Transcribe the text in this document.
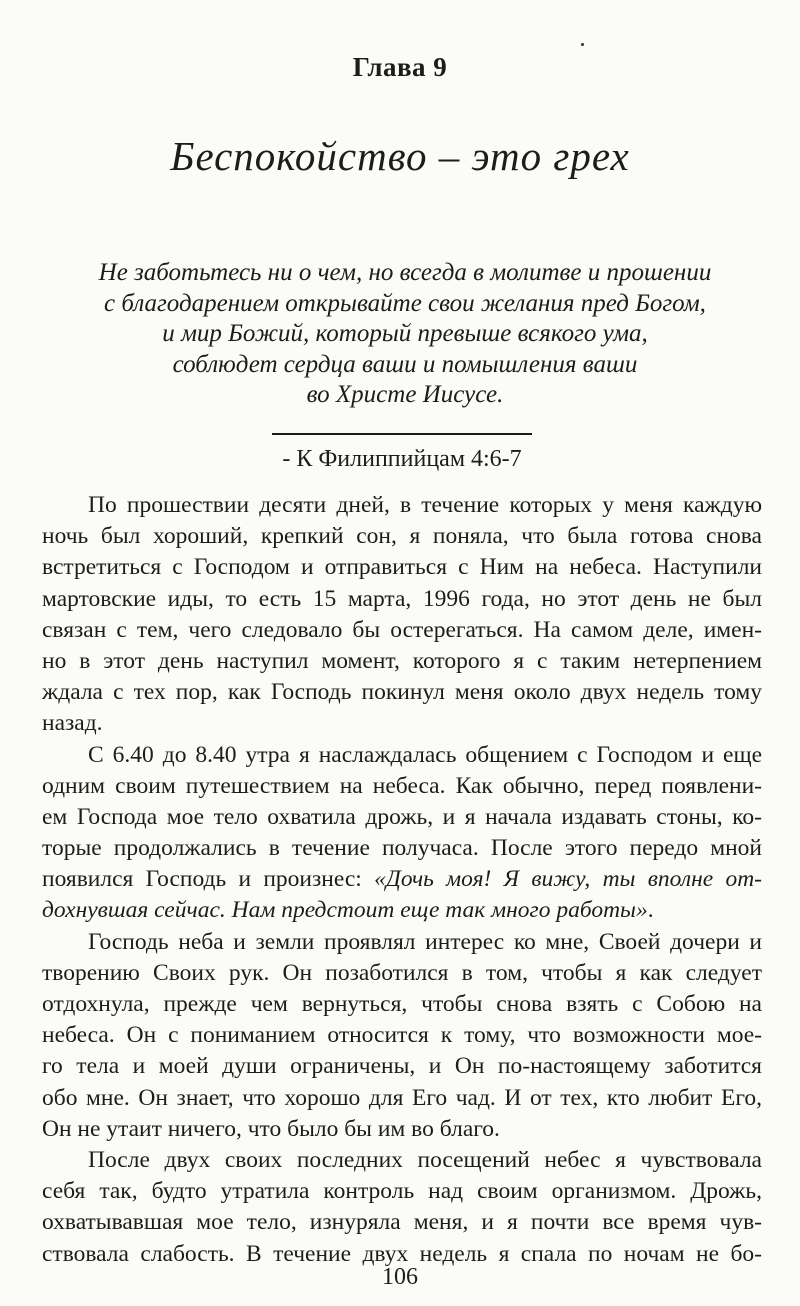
Глава 9
Беспокойство – это грех
Не заботьтесь ни о чем, но всегда в молитве и прошении
с благодарением открывайте свои желания пред Богом,
и мир Божий, который превыше всякого ума,
соблюдет сердца ваши и помышления ваши
во Христе Иисусе.
- К Филиппийцам 4:6-7
По прошествии десяти дней, в течение которых у меня каждую
ночь был хороший, крепкий сон, я поняла, что была готова снова
встретиться с Господом и отправиться с Ним на небеса. Наступили
мартовские иды, то есть 15 марта, 1996 года, но этот день не был
связан с тем, чего следовало бы остерегаться. На самом деле, имен-
но в этот день наступил момент, которого я с таким нетерпением
ждала с тех пор, как Господь покинул меня около двух недель тому
назад.
С 6.40 до 8.40 утра я наслаждалась общением с Господом и еще
одним своим путешествием на небеса. Как обычно, перед появлени-
ем Господа мое тело охватила дрожь, и я начала издавать стоны, ко-
торые продолжались в течение получаса. После этого передо мной
появился Господь и произнес: «Дочь моя! Я вижу, ты вполне от-
дохнувшая сейчас. Нам предстоит еще так много работы».
Господь неба и земли проявлял интерес ко мне, Своей дочери и
творению Своих рук. Он позаботился в том, чтобы я как следует
отдохнула, прежде чем вернуться, чтобы снова взять с Собою на
небеса. Он с пониманием относится к тому, что возможности мое-
го тела и моей души ограничены, и Он по-настоящему заботится
обо мне. Он знает, что хорошо для Его чад. И от тех, кто любит Его,
Он не утаит ничего, что было бы им во благо.
После двух своих последних посещений небес я чувствовала
себя так, будто утратила контроль над своим организмом. Дрожь,
охватывавшая мое тело, изнуряла меня, и я почти все время чув-
ствовала слабость. В течение двух недель я спала по ночам не бо-
106
